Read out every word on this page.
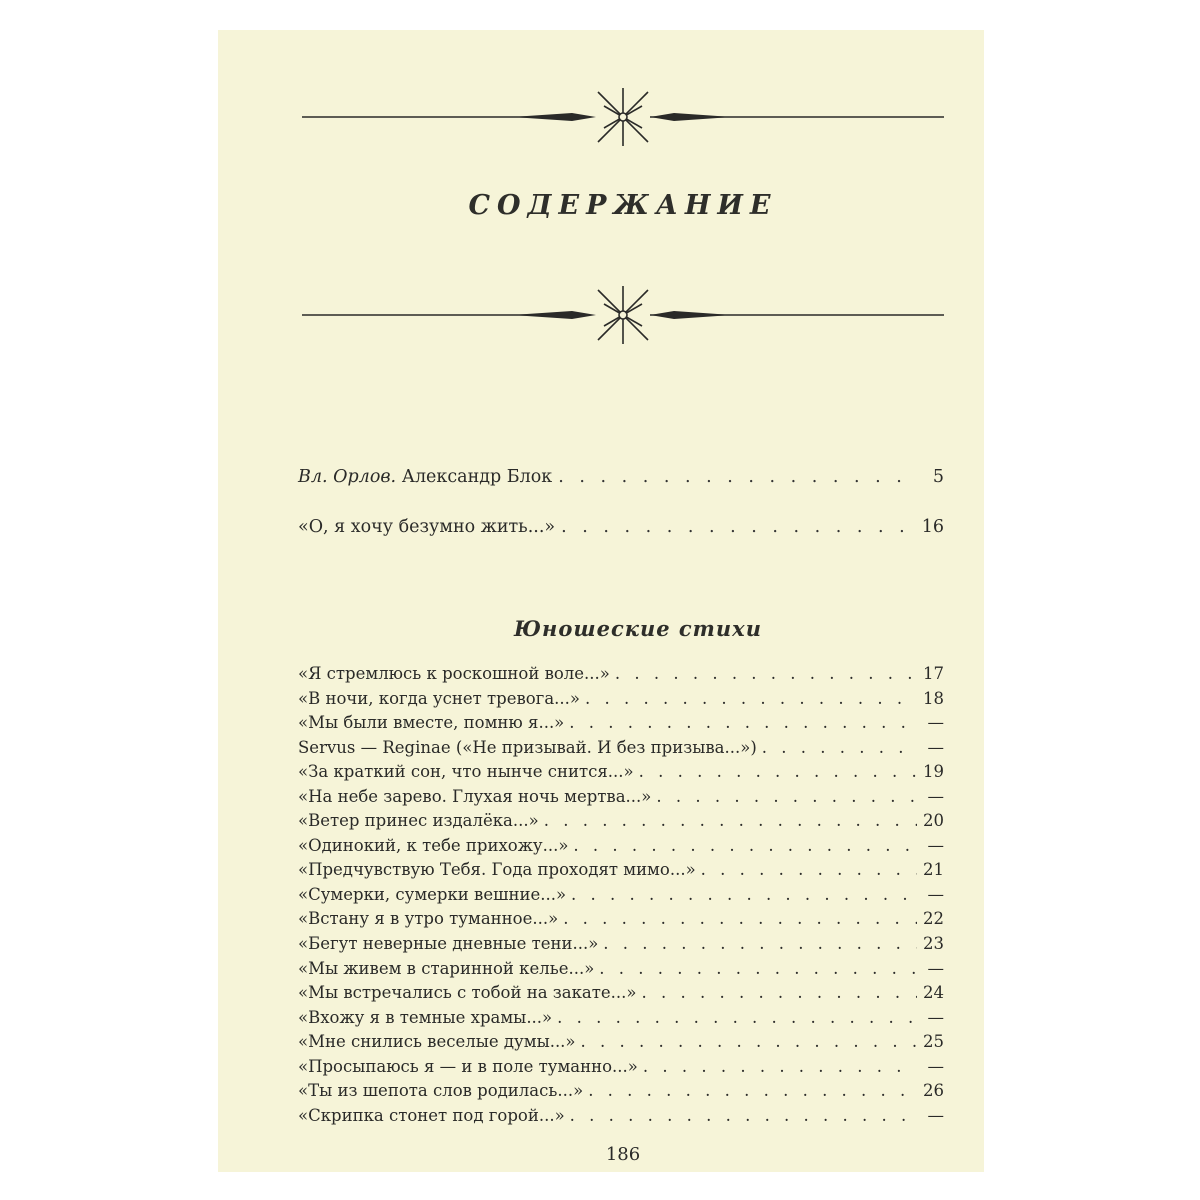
СОДЕРЖАНИЕ
Вл. Орлов. Александр Блок . . .	5
«О, я хочу безумно жить...» . . .	16
Юношеские стихи
«Я стремлюсь к роскошной воле...» . . .	17
«В ночи, когда уснет тревога...» . . .	18
«Мы были вместе, помню я...» . . .	—
Servus — Reginae («Не призывай. И без призыва...») . . .	—
«За краткий сон, что нынче снится...» . . .	19
«На небе зарево. Глухая ночь мертва...» . . .	—
«Ветер принес издалёка...» . . .	20
«Одинокий, к тебе прихожу...» . . .	—
«Предчувствую Тебя. Года проходят мимо...» . . .	21
«Сумерки, сумерки вешние...» . . .	—
«Встану я в утро туманное...» . . .	22
«Бегут неверные дневные тени...» . . .	23
«Мы живем в старинной келье...» . . .	—
«Мы встречались с тобой на закате...» . . .	24
«Вхожу я в темные храмы...» . . .	—
«Мне снились веселые думы...» . . .	25
«Просыпаюсь я — и в поле туманно...» . . .	—
«Ты из шепота слов родилась...» . . .	26
«Скрипка стонет под горой...» . . .	—
186
